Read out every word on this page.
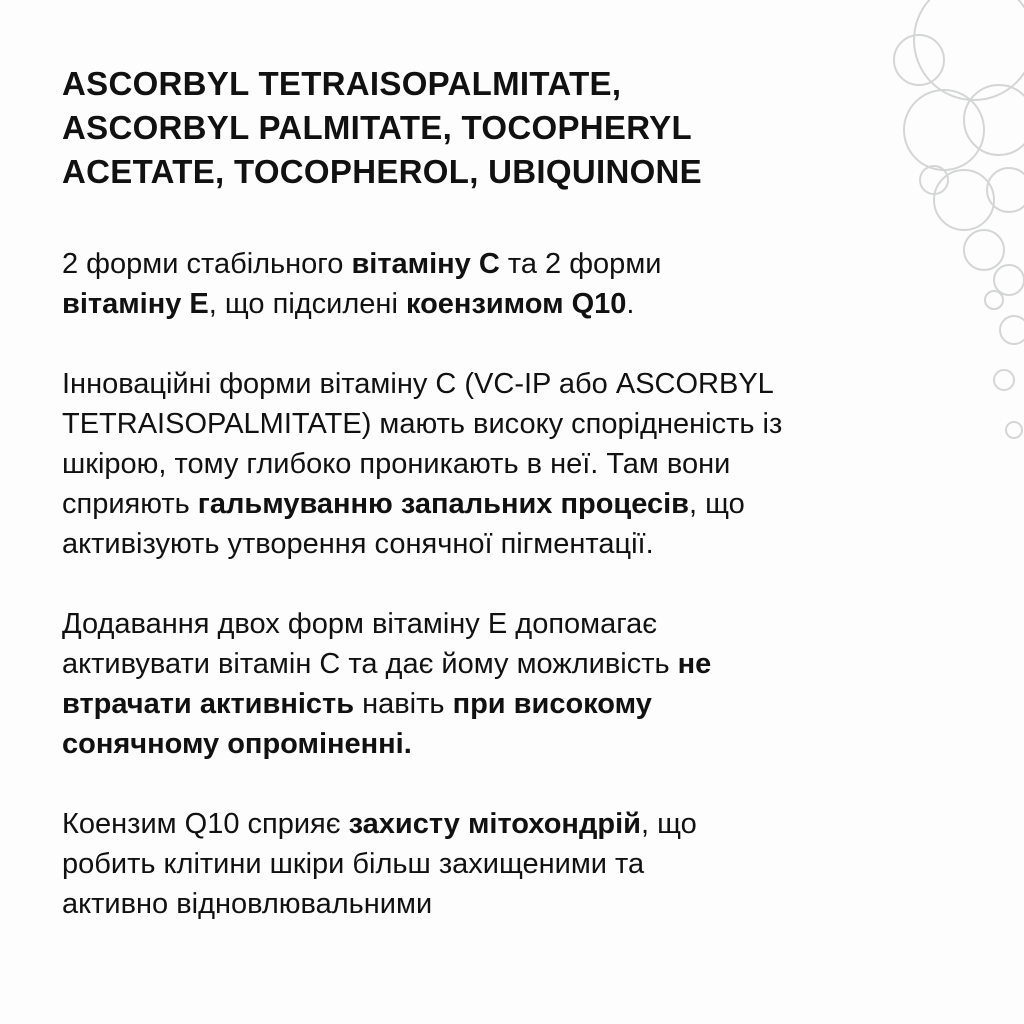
ASCORBYL TETRAISOPALMITATE,
ASCORBYL PALMITATE, TOCOPHERYL
ACETATE, TOCOPHEROL, UBIQUINONE

2 форми стабільного вітаміну С та 2 форми
вітаміну Е, що підсилені коензимом Q10.

Інноваційні форми вітаміну С (VC-IP або ASCORBYL
TETRAISOPALMITATE) мають високу спорідненість із
шкірою, тому глибоко проникають в неї. Там вони
сприяють гальмуванню запальних процесів, що
активізують утворення сонячної пігментації.

Додавання двох форм вітаміну Е допомагає
активувати вітамін С та дає йому можливість не
втрачати активність навіть при високому
сонячному опроміненні.

Коензим Q10 сприяє захисту мітохондрій, що
робить клітини шкіри більш захищеними та
активно відновлювальними
